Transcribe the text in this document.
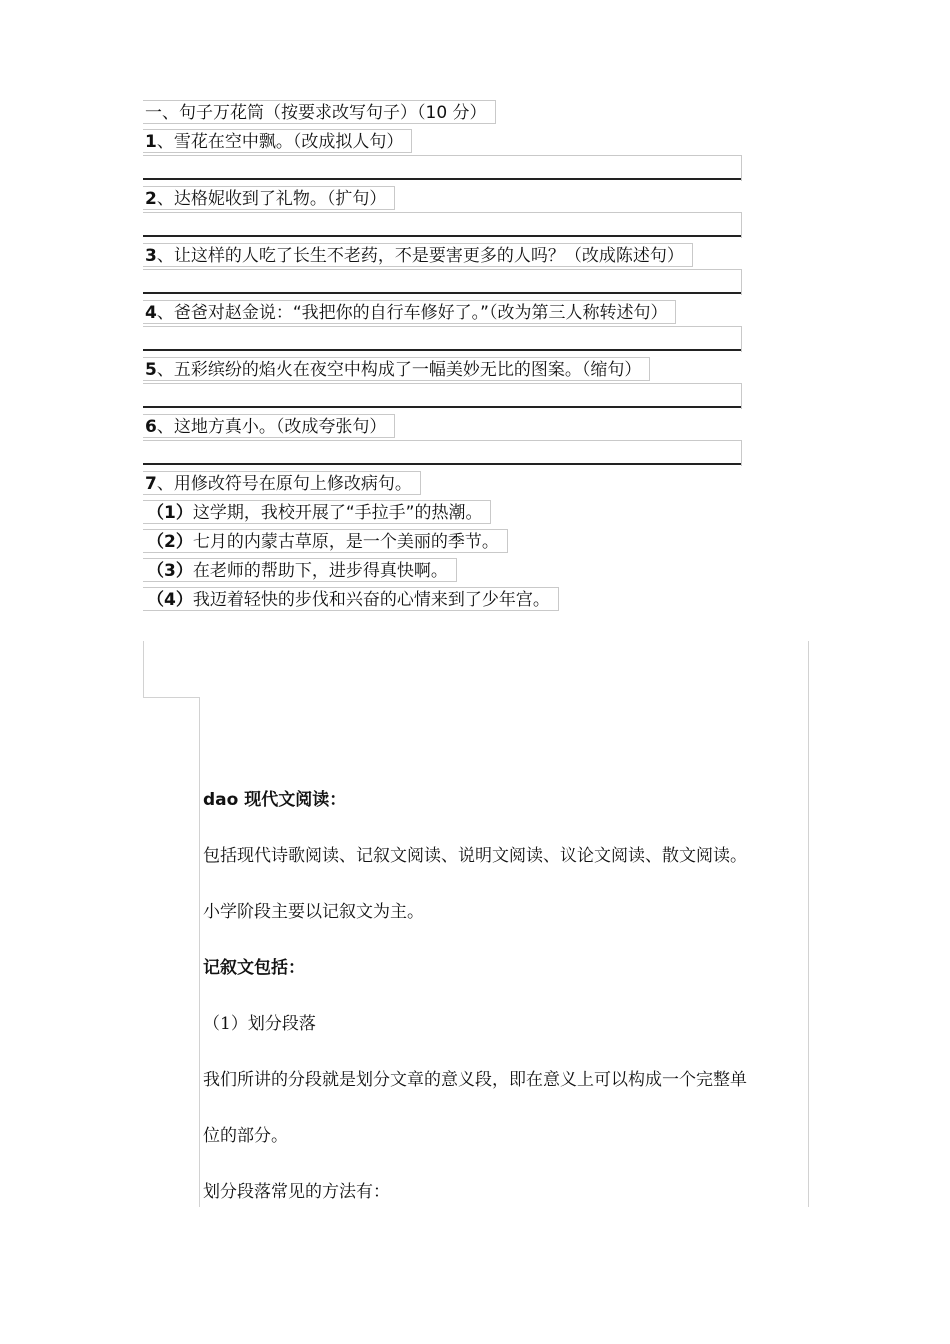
一、句子万花筒（按要求改写句子）（10 分）
1、雪花在空中飘。（改成拟人句）
2、达格妮收到了礼物。（扩句）
3、让这样的人吃了长生不老药，不是要害更多的人吗？（改成陈述句）
4、爸爸对赵金说：“我把你的自行车修好了。”（改为第三人称转述句）
5、五彩缤纷的焰火在夜空中构成了一幅美妙无比的图案。（缩句）
6、这地方真小。（改成夸张句）
7、用修改符号在原句上修改病句。
（1）这学期，我校开展了“手拉手”的热潮。
（2）七月的内蒙古草原，是一个美丽的季节。
（3）在老师的帮助下，进步得真快啊。
（4）我迈着轻快的步伐和兴奋的心情来到了少年宫。
dao 现代文阅读：
包括现代诗歌阅读、记叙文阅读、说明文阅读、议论文阅读、散文阅读。
小学阶段主要以记叙文为主。
记叙文包括：
（1）划分段落
我们所讲的分段就是划分文章的意义段，即在意义上可以构成一个完整单
位的部分。
划分段落常见的方法有：
